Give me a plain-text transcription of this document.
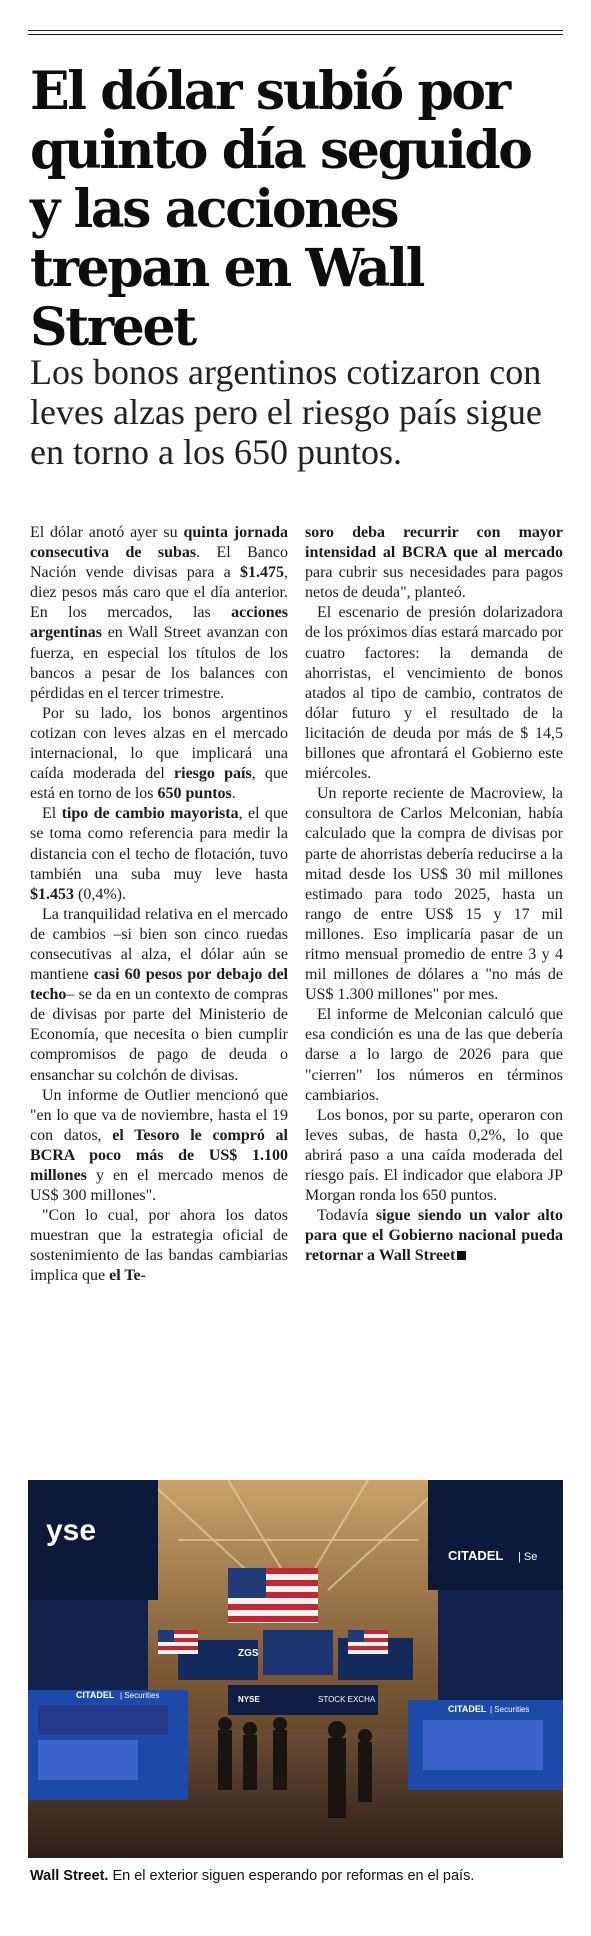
El dólar subió por quinto día seguido y las acciones trepan en Wall Street

Los bonos argentinos cotizaron con leves alzas pero el riesgo país sigue en torno a los 650 puntos.

El dólar anotó ayer su quinta jornada consecutiva de subas. El Banco Nación vende divisas para a $1.475, diez pesos más caro que el día anterior. En los mercados, las acciones argentinas en Wall Street avanzan con fuerza, en especial los títulos de los bancos a pesar de los balances con pérdidas en el tercer trimestre.

Por su lado, los bonos argentinos cotizan con leves alzas en el mercado internacional, lo que implicará una caída moderada del riesgo país, que está en torno de los 650 puntos.

El tipo de cambio mayorista, el que se toma como referencia para medir la distancia con el techo de flotación, tuvo también una suba muy leve hasta $1.453 (0,4%).

La tranquilidad relativa en el mercado de cambios –si bien son cinco ruedas consecutivas al alza, el dólar aún se mantiene casi 60 pesos por debajo del techo– se da en un contexto de compras de divisas por parte del Ministerio de Economía, que necesita o bien cumplir compromisos de pago de deuda o ensanchar su colchón de divisas.

Un informe de Outlier mencionó que "en lo que va de noviembre, hasta el 19 con datos, el Tesoro le compró al BCRA poco más de US$ 1.100 millones y en el mercado menos de US$ 300 millones".

"Con lo cual, por ahora los datos muestran que la estrategia oficial de sostenimiento de las bandas cambiarias implica que el Te-

soro deba recurrir con mayor intensidad al BCRA que al mercado para cubrir sus necesidades para pagos netos de deuda", planteó.

El escenario de presión dolarizadora de los próximos días estará marcado por cuatro factores: la demanda de ahorristas, el vencimiento de bonos atados al tipo de cambio, contratos de dólar futuro y el resultado de la licitación de deuda por más de $ 14,5 billones que afrontará el Gobierno este miércoles.

Un reporte reciente de Macroview, la consultora de Carlos Melconian, había calculado que la compra de divisas por parte de ahorristas debería reducirse a la mitad desde los US$ 30 mil millones estimado para todo 2025, hasta un rango de entre US$ 15 y 17 mil millones. Eso implicaría pasar de un ritmo mensual promedio de entre 3 y 4 mil millones de dólares a "no más de US$ 1.300 millones" por mes.

El informe de Melconian calculó que esa condición es una de las que debería darse a lo largo de 2026 para que "cierren" los números en términos cambiarios.

Los bonos, por su parte, operaron con leves subas, de hasta 0,2%, lo que abrirá paso a una caída moderada del riesgo país. El indicador que elabora JP Morgan ronda los 650 puntos.

Todavía sigue siendo un valor alto para que el Gobierno nacional pueda retornar a Wall Street

yse
CITADEL | Se
CITADEL | Securities
CITADEL | Securities
ZGS
NYSE	STOCK EXCHA
Wall Street. En el exterior siguen esperando por reformas en el país.
